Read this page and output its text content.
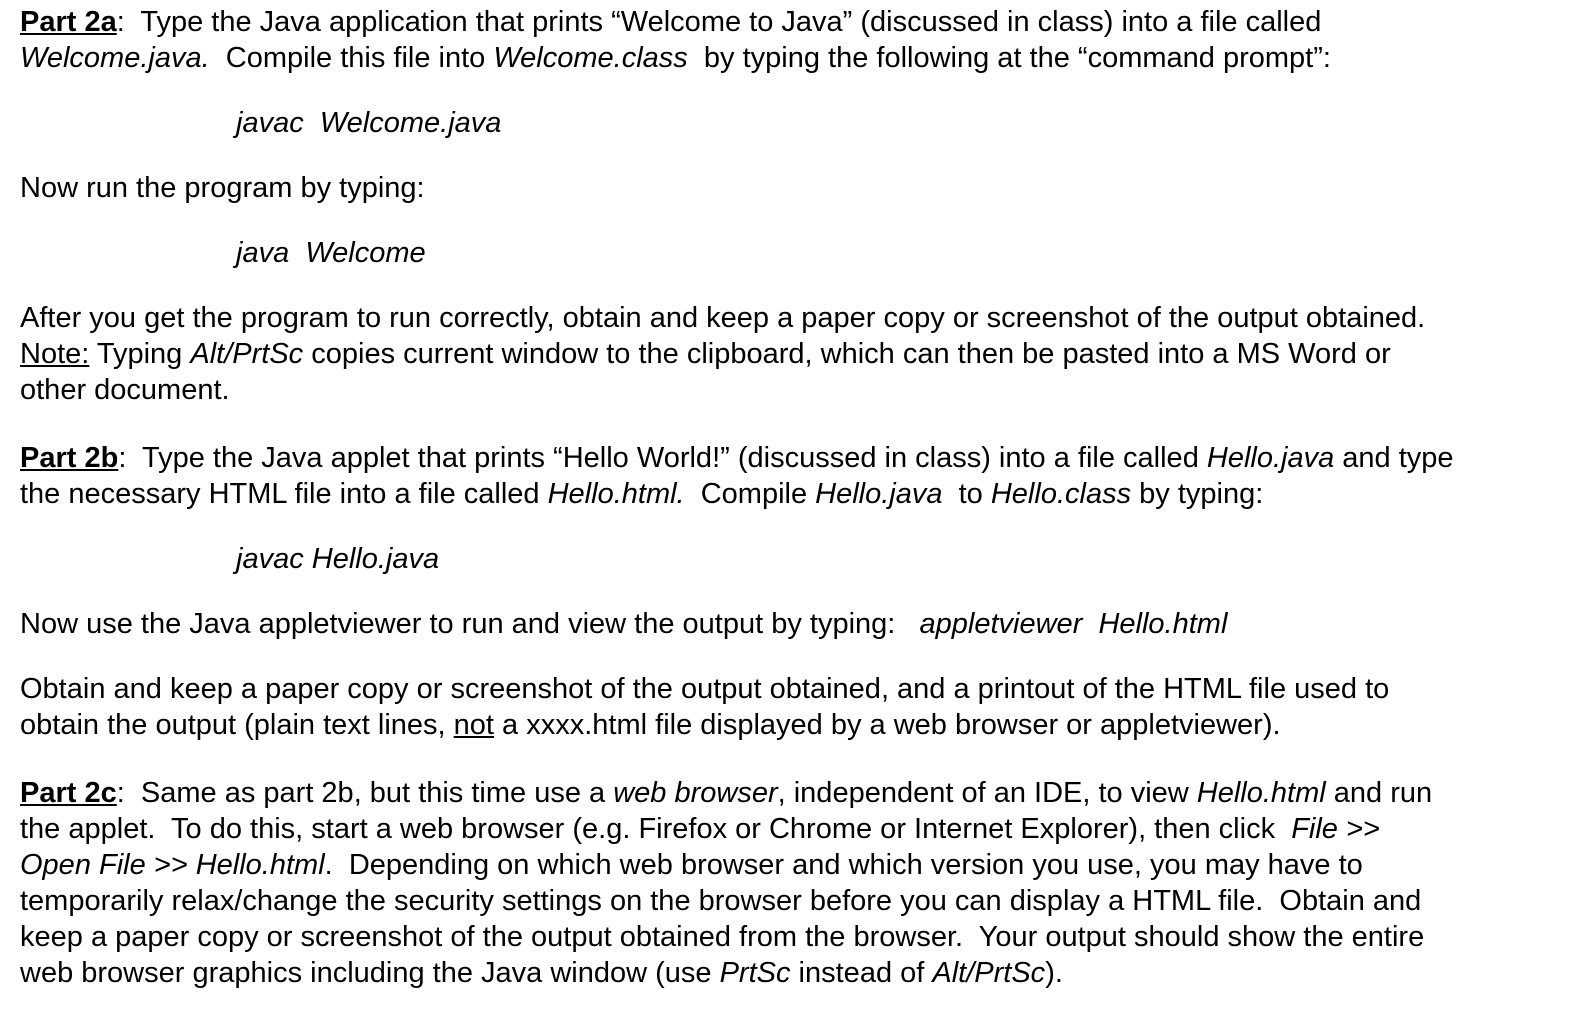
Part 2a:  Type the Java application that prints “Welcome to Java” (discussed in class) into a file called
Welcome.java.  Compile this file into Welcome.class  by typing the following at the “command prompt”:
javac  Welcome.java
Now run the program by typing:
java  Welcome
After you get the program to run correctly, obtain and keep a paper copy or screenshot of the output obtained.
Note: Typing Alt/PrtSc copies current window to the clipboard, which can then be pasted into a MS Word or
other document.
Part 2b:  Type the Java applet that prints “Hello World!” (discussed in class) into a file called Hello.java and type
the necessary HTML file into a file called Hello.html.  Compile Hello.java  to Hello.class by typing:
javac Hello.java
Now use the Java appletviewer to run and view the output by typing:   appletviewer  Hello.html
Obtain and keep a paper copy or screenshot of the output obtained, and a printout of the HTML file used to
obtain the output (plain text lines, not a xxxx.html file displayed by a web browser or appletviewer).
Part 2c:  Same as part 2b, but this time use a web browser, independent of an IDE, to view Hello.html and run
the applet.  To do this, start a web browser (e.g. Firefox or Chrome or Internet Explorer), then click  File >>
Open File >> Hello.html.  Depending on which web browser and which version you use, you may have to
temporarily relax/change the security settings on the browser before you can display a HTML file.  Obtain and
keep a paper copy or screenshot of the output obtained from the browser.  Your output should show the entire
web browser graphics including the Java window (use PrtSc instead of Alt/PrtSc).
